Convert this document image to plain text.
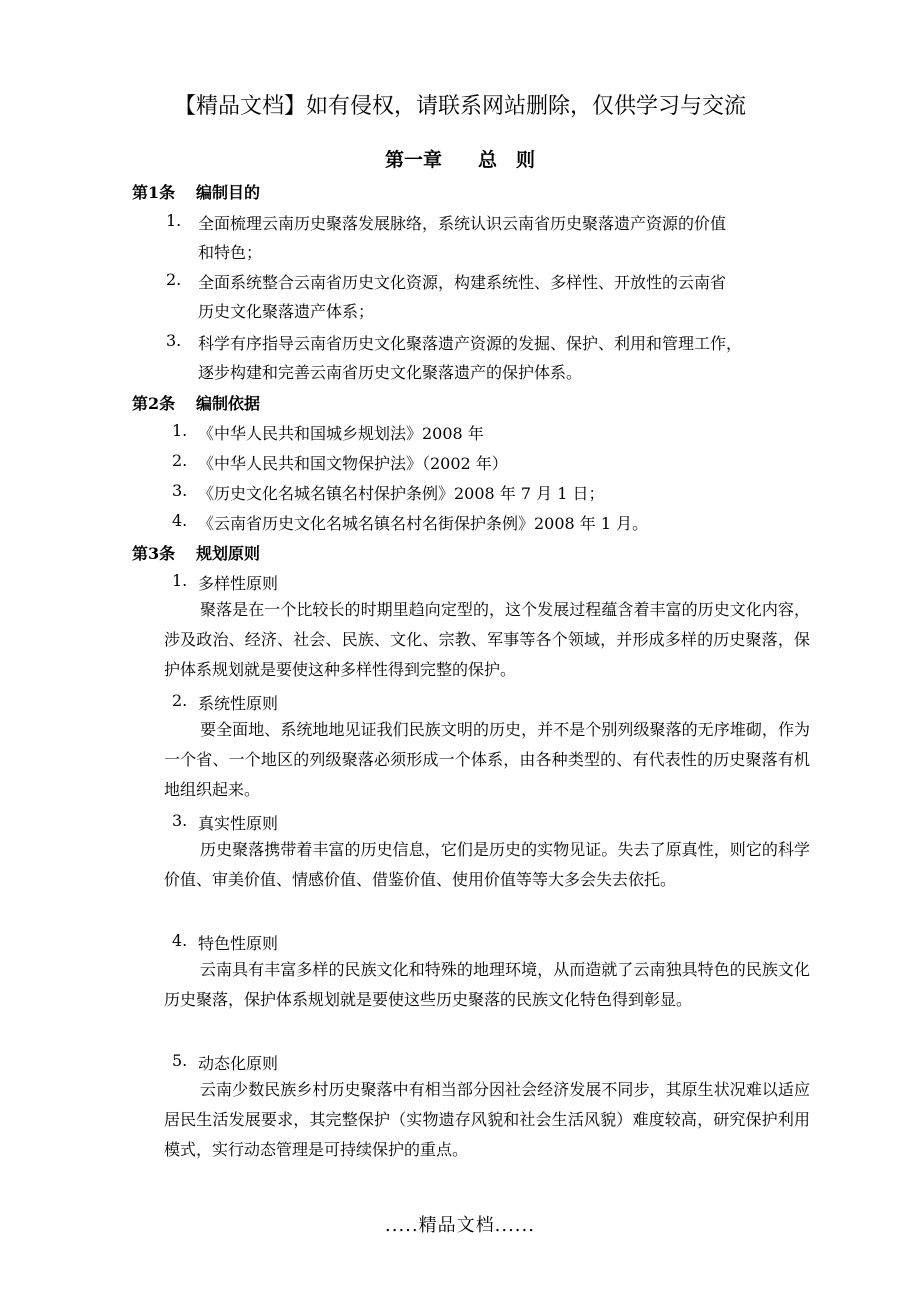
【精品文档】如有侵权，请联系网站删除，仅供学习与交流
第一章 总　则
第1条 编制目的
1. 全面梳理云南历史聚落发展脉络，系统认识云南省历史聚落遗产资源的价值
和特色；
2. 全面系统整合云南省历史文化资源，构建系统性、多样性、开放性的云南省
历史文化聚落遗产体系；
3. 科学有序指导云南省历史文化聚落遗产资源的发掘、保护、利用和管理工作，
逐步构建和完善云南省历史文化聚落遗产的保护体系。
第2条 编制依据
1. 《中华人民共和国城乡规划法》2008 年
2. 《中华人民共和国文物保护法》（2002 年）
3. 《历史文化名城名镇名村保护条例》2008 年 7 月 1 日；
4. 《云南省历史文化名城名镇名村名街保护条例》2008 年 1 月。
第3条 规划原则
1. 多样性原则
聚落是在一个比较长的时期里趋向定型的，这个发展过程蕴含着丰富的历史文化内容，涉及政治、经济、社会、民族、文化、宗教、军事等各个领域，并形成多样的历史聚落，保护体系规划就是要使这种多样性得到完整的保护。
2. 系统性原则
要全面地、系统地地见证我们民族文明的历史，并不是个别列级聚落的无序堆砌，作为一个省、一个地区的列级聚落必须形成一个体系，由各种类型的、有代表性的历史聚落有机地组织起来。
3. 真实性原则
历史聚落携带着丰富的历史信息，它们是历史的实物见证。失去了原真性，则它的科学价值、审美价值、情感价值、借鉴价值、使用价值等等大多会失去依托。
4. 特色性原则
云南具有丰富多样的民族文化和特殊的地理环境，从而造就了云南独具特色的民族文化历史聚落，保护体系规划就是要使这些历史聚落的民族文化特色得到彰显。
5. 动态化原则
云南少数民族乡村历史聚落中有相当部分因社会经济发展不同步，其原生状况难以适应居民生活发展要求，其完整保护（实物遗存风貌和社会生活风貌）难度较高，研究保护利用模式，实行动态管理是可持续保护的重点。
.....精品文档......
